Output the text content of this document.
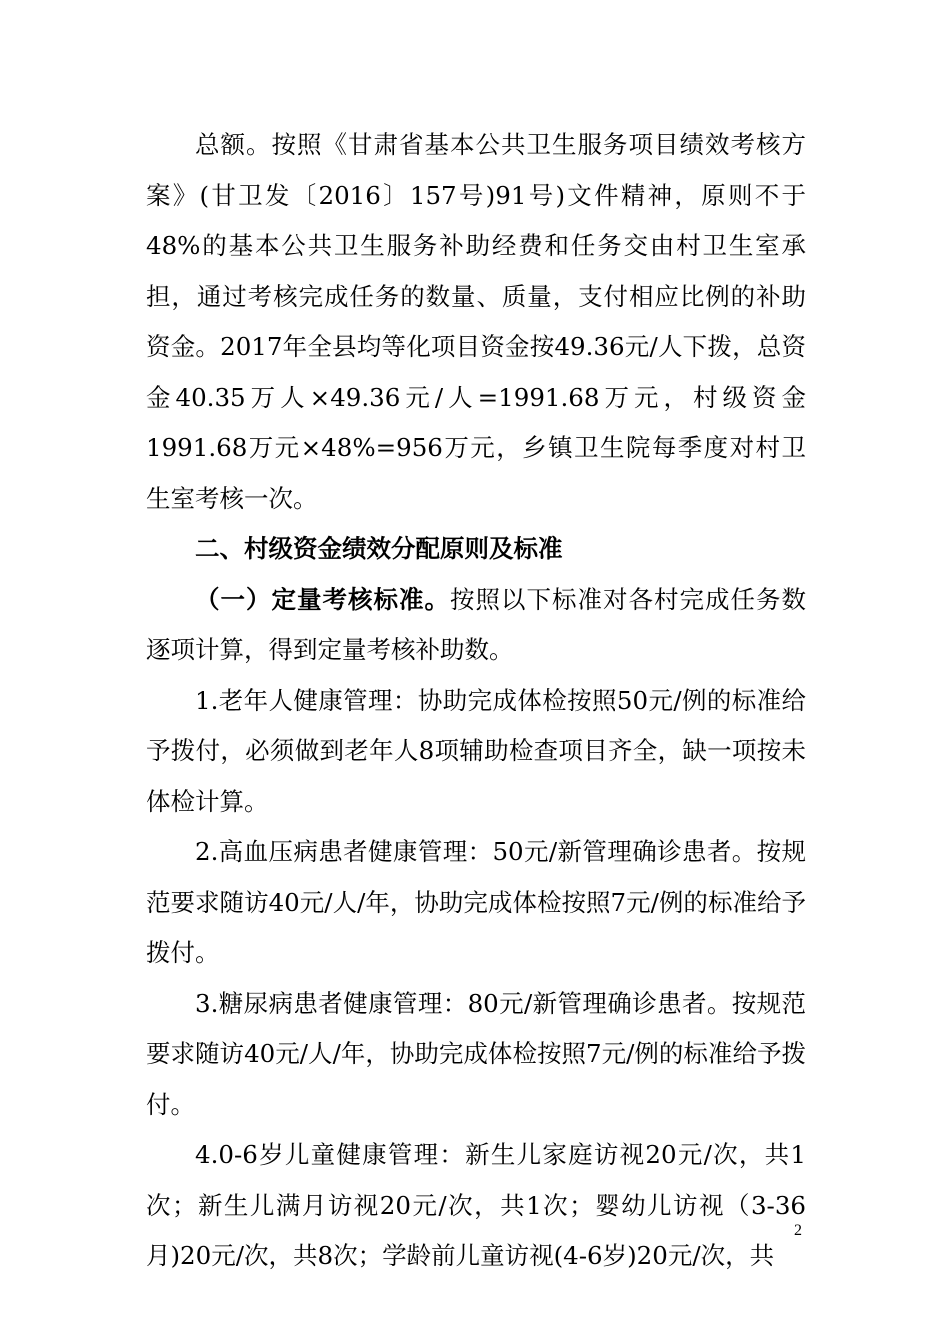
总额。按照《甘肃省基本公共卫生服务项目绩效考核方案》(甘卫发〔2016〕157号)91号)文件精神，原则不于48%的基本公共卫生服务补助经费和任务交由村卫生室承担，通过考核完成任务的数量、质量，支付相应比例的补助资金。2017年全县均等化项目资金按49.36元/人下拨，总资金40.35万人×49.36元/人=1991.68万元，村级资金1991.68万元×48%=956万元，乡镇卫生院每季度对村卫生室考核一次。

二、村级资金绩效分配原则及标准

（一）定量考核标准。按照以下标准对各村完成任务数逐项计算，得到定量考核补助数。

1.老年人健康管理：协助完成体检按照50元/例的标准给予拨付，必须做到老年人8项辅助检查项目齐全，缺一项按未体检计算。

2.高血压病患者健康管理：50元/新管理确诊患者。按规范要求随访40元/人/年，协助完成体检按照7元/例的标准给予拨付。

3.糖尿病患者健康管理：80元/新管理确诊患者。按规范要求随访40元/人/年，协助完成体检按照7元/例的标准给予拨付。

4.0-6岁儿童健康管理：新生儿家庭访视20元/次，共1次；新生儿满月访视20元/次，共1次；婴幼儿访视（3-36月)20元/次，共8次；学龄前儿童访视(4-6岁)20元/次，共

2
